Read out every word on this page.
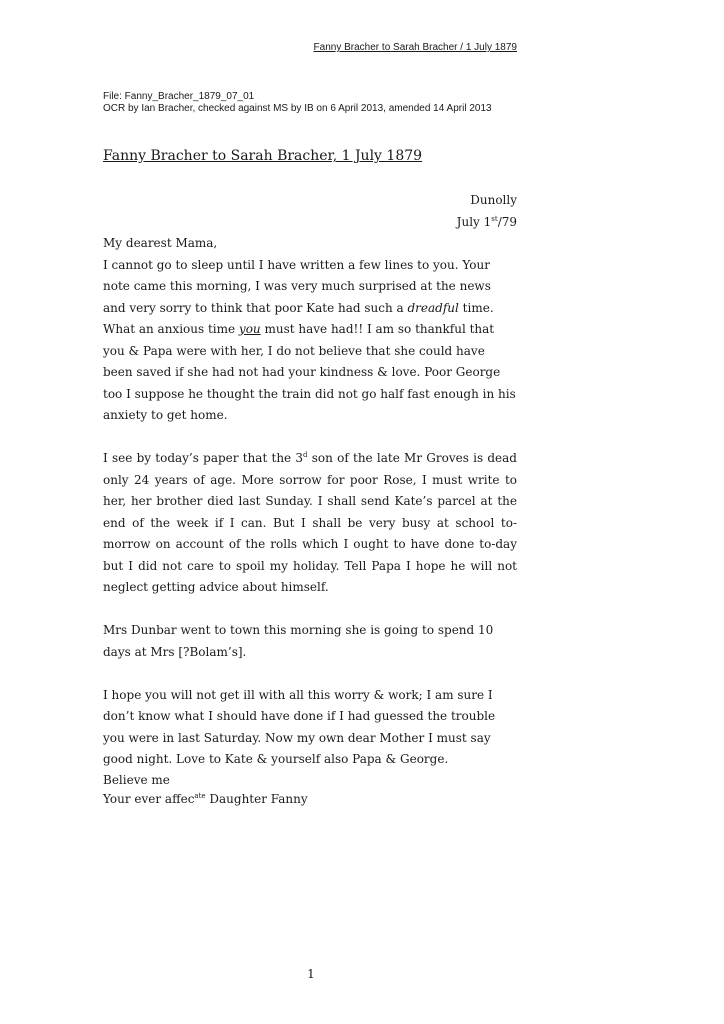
Fanny Bracher to Sarah Bracher / 1 July 1879
File: Fanny_Bracher_1879_07_01
OCR by Ian Bracher, checked against MS by IB on 6 April 2013, amended 14 April 2013
Fanny Bracher to Sarah Bracher, 1 July 1879
Dunolly
July 1st/79
My dearest Mama,

I cannot go to sleep until I have written a few lines to you. Your note came this morning, I was very much surprised at the news and very sorry to think that poor Kate had such a dreadful time. What an anxious time you must have had!! I am so thankful that you & Papa were with her, I do not believe that she could have been saved if she had not had your kindness & love. Poor George too I suppose he thought the train did not go half fast enough in his anxiety to get home.

I see by today’s paper that the 3$^d$ son of the late Mr Groves is dead only 24 years of age. More sorrow for poor Rose, I must write to her, her brother died last Sunday. I shall send Kate’s parcel at the end of the week if I can. But I shall be very busy at school to-morrow on account of the rolls which I ought to have done to-day but I did not care to spoil my holiday. Tell Papa I hope he will not neglect getting advice about himself.

Mrs Dunbar went to town this morning she is going to spend 10 days at Mrs [?Bolam’s].

I hope you will not get ill with all this worry & work; I am sure I don’t know what I should have done if I had guessed the trouble you were in last Saturday. Now my own dear Mother I must say good night. Love to Kate & yourself also Papa & George.

Believe me
Your ever affec$^{ate}$ Daughter Fanny
1
